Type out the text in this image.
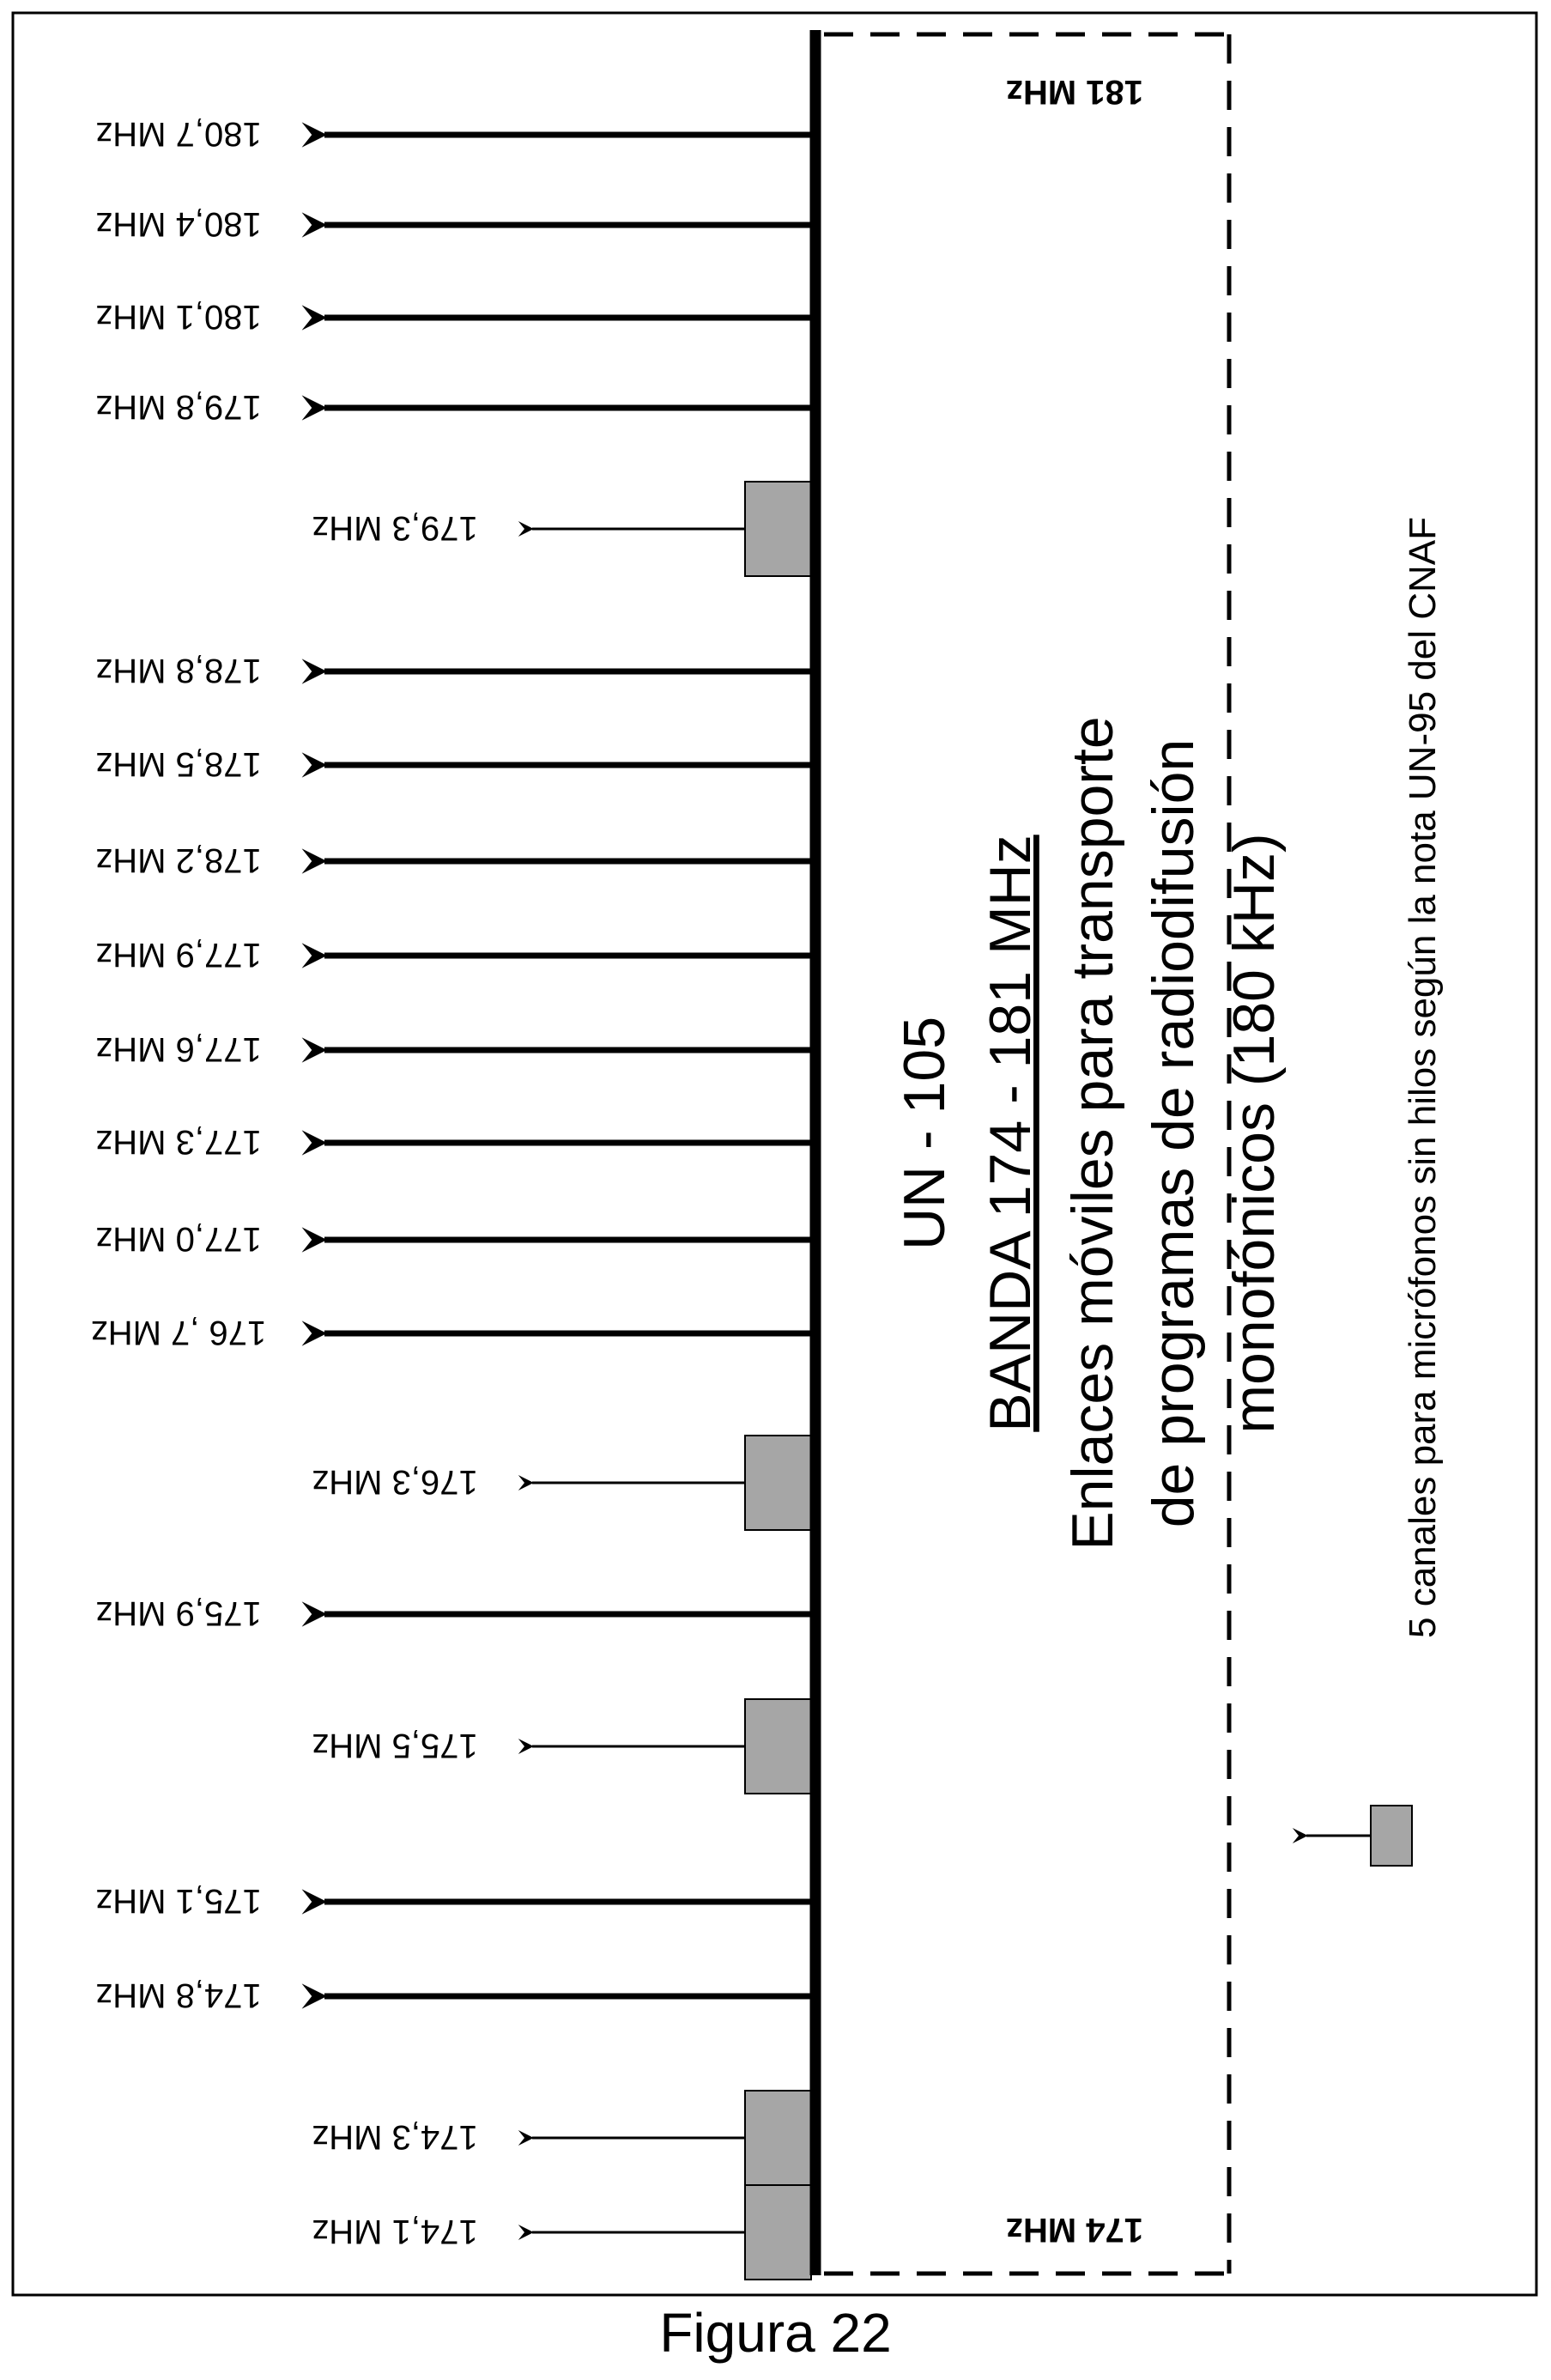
181 MHz
174 MHz
180,7 MHz
180,4 MHz
180,1 MHz
179,8 MHz
179,3 MHz
178,8 MHz
178,5 MHz
178,2 MHz
177,9 MHz
177,6 MHz
177,3 MHz
177,0 MHz
176 ,7 MHz
176,3 MHz
175,9 MHz
175,5 MHz
175,1 MHz
174,8 MHz
174,3 MHz
174,1 MHz
UN - 105 BANDA 174 - 181 MHz Enlaces móviles para transporte de programas de radiodifusión monofónicos (180 kHz)	5 canales para micrófonos sin hilos según la nota UN-95 del CNAF
Figura 22
